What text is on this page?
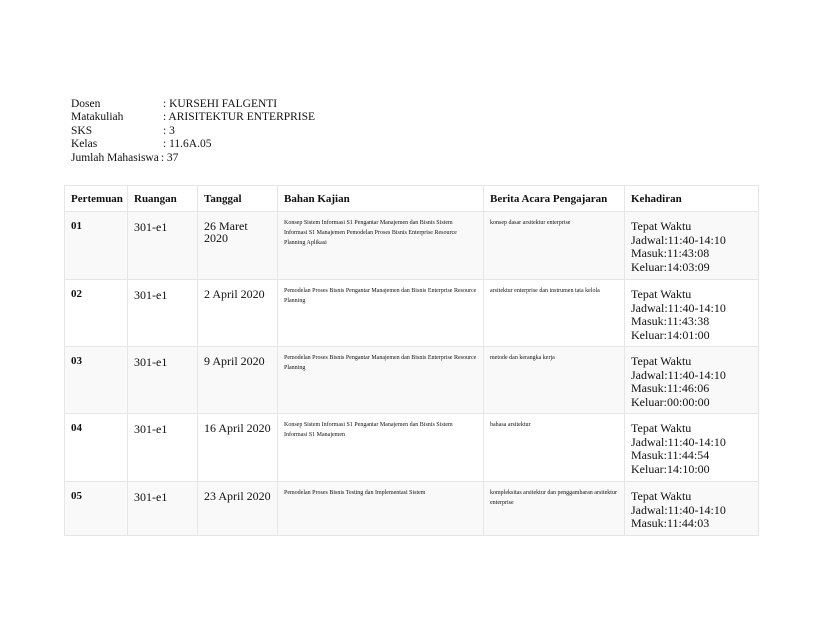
Dosen	: KURSEHI FALGENTI
Matakuliah	: ARISITEKTUR ENTERPRISE
SKS	: 3
Kelas	: 11.6A.05
Jumlah Mahasiswa : 37
Pertemuan	Ruangan	Tanggal	Bahan Kajian	Berita Acara Pengajaran	Kehadiran
01	301-e1	26 Maret 2020	Konsep Sistem Informasi S1 Pengantar Manajemen dan Bisnis Sistem Informasi S1 Manajemen Pemodelan Proses Bisnis Enterprise Resource Planning Aplikasi	konsep dasar arsitektur enterprise	Tepat Waktu
Jadwal:11:40-14:10
Masuk:11:43:08
Keluar:14:03:09

02	301-e1	2 April 2020	Pemodelan Proses Bisnis Pengantar Manajemen dan Bisnis Enterprise Resource Planning	arsitektur enterprise dan instrumen tata kelola	Tepat Waktu
Jadwal:11:40-14:10
Masuk:11:43:38
Keluar:14:01:00

03	301-e1	9 April 2020	Pemodelan Proses Bisnis Pengantar Manajemen dan Bisnis Enterprise Resource Planning	metode dan kerangka kerja	Tepat Waktu
Jadwal:11:40-14:10
Masuk:11:46:06
Keluar:00:00:00

04	301-e1	16 April 2020	Konsep Sistem Informasi S1 Pengantar Manajemen dan Bisnis Sistem Informasi S1 Manajemen	bahasa arsitektur	Tepat Waktu
Jadwal:11:40-14:10
Masuk:11:44:54
Keluar:14:10:00

05	301-e1	23 April 2020	Pemodelan Proses Bisnis Testing dan Implementasi Sistem	kompleksitas arsitektur dan penggambaran arsitektur enterprise	Tepat Waktu
Jadwal:11:40-14:10
Masuk:11:44:03
